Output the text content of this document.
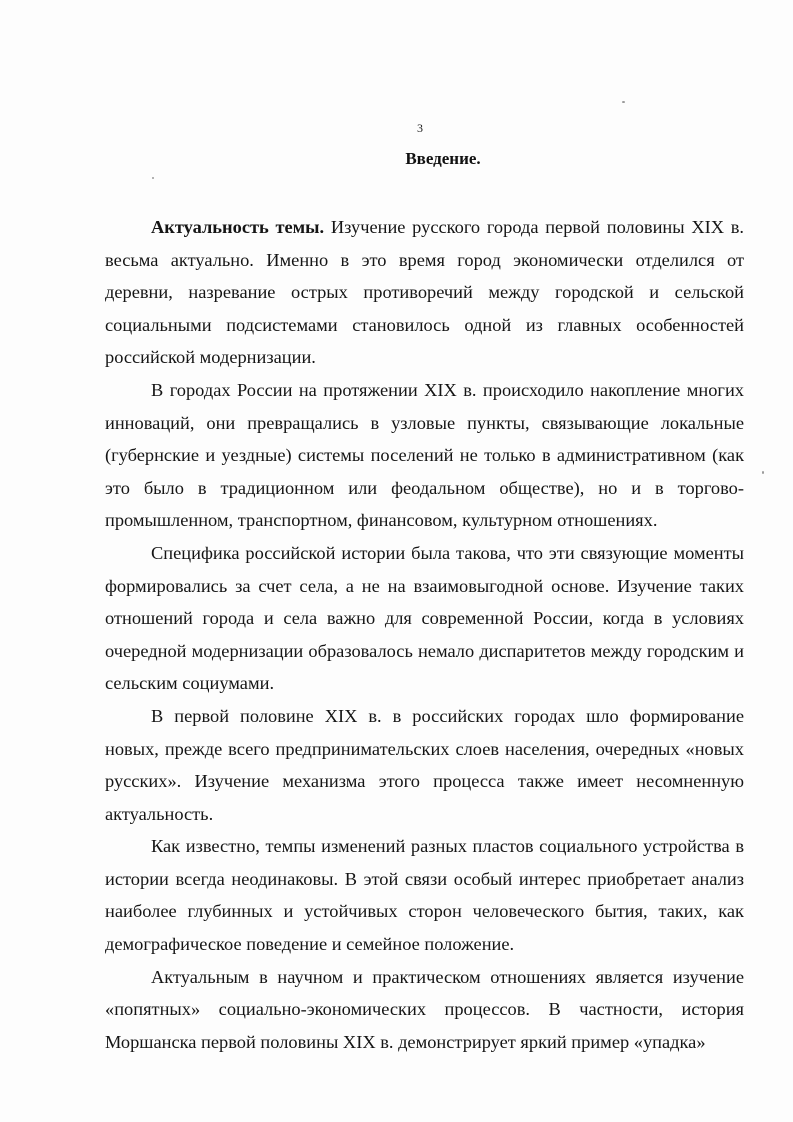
3
Введение.

Актуальность темы. Изучение русского города первой половины XIX в. весьма актуально. Именно в это время город экономически отделился от деревни, назревание острых противоречий между городской и сельской социальными подсистемами становилось одной из главных особенностей российской модернизации.

В городах России на протяжении XIX в. происходило накопление многих инноваций, они превращались в узловые пункты, связывающие локальные (губернские и уездные) системы поселений не только в административном (как это было в традиционном или феодальном обществе), но и в торгово-промышленном, транспортном, финансовом, культурном отношениях.

Специфика российской истории была такова, что эти связующие моменты формировались за счет села, а не на взаимовыгодной основе. Изучение таких отношений города и села важно для современной России, когда в условиях очередной модернизации образовалось немало диспаритетов между городским и сельским социумами.

В первой половине XIX в. в российских городах шло формирование новых, прежде всего предпринимательских слоев населения, очередных «новых русских». Изучение механизма этого процесса также имеет несомненную актуальность.

Как известно, темпы изменений разных пластов социального устройства в истории всегда неодинаковы. В этой связи особый интерес приобретает анализ наиболее глубинных и устойчивых сторон человеческого бытия, таких, как демографическое поведение и семейное положение.

Актуальным в научном и практическом отношениях является изучение «попятных» социально-экономических процессов. В частности, история Моршанска первой половины XIX в. демонстрирует яркий пример «упадка»
